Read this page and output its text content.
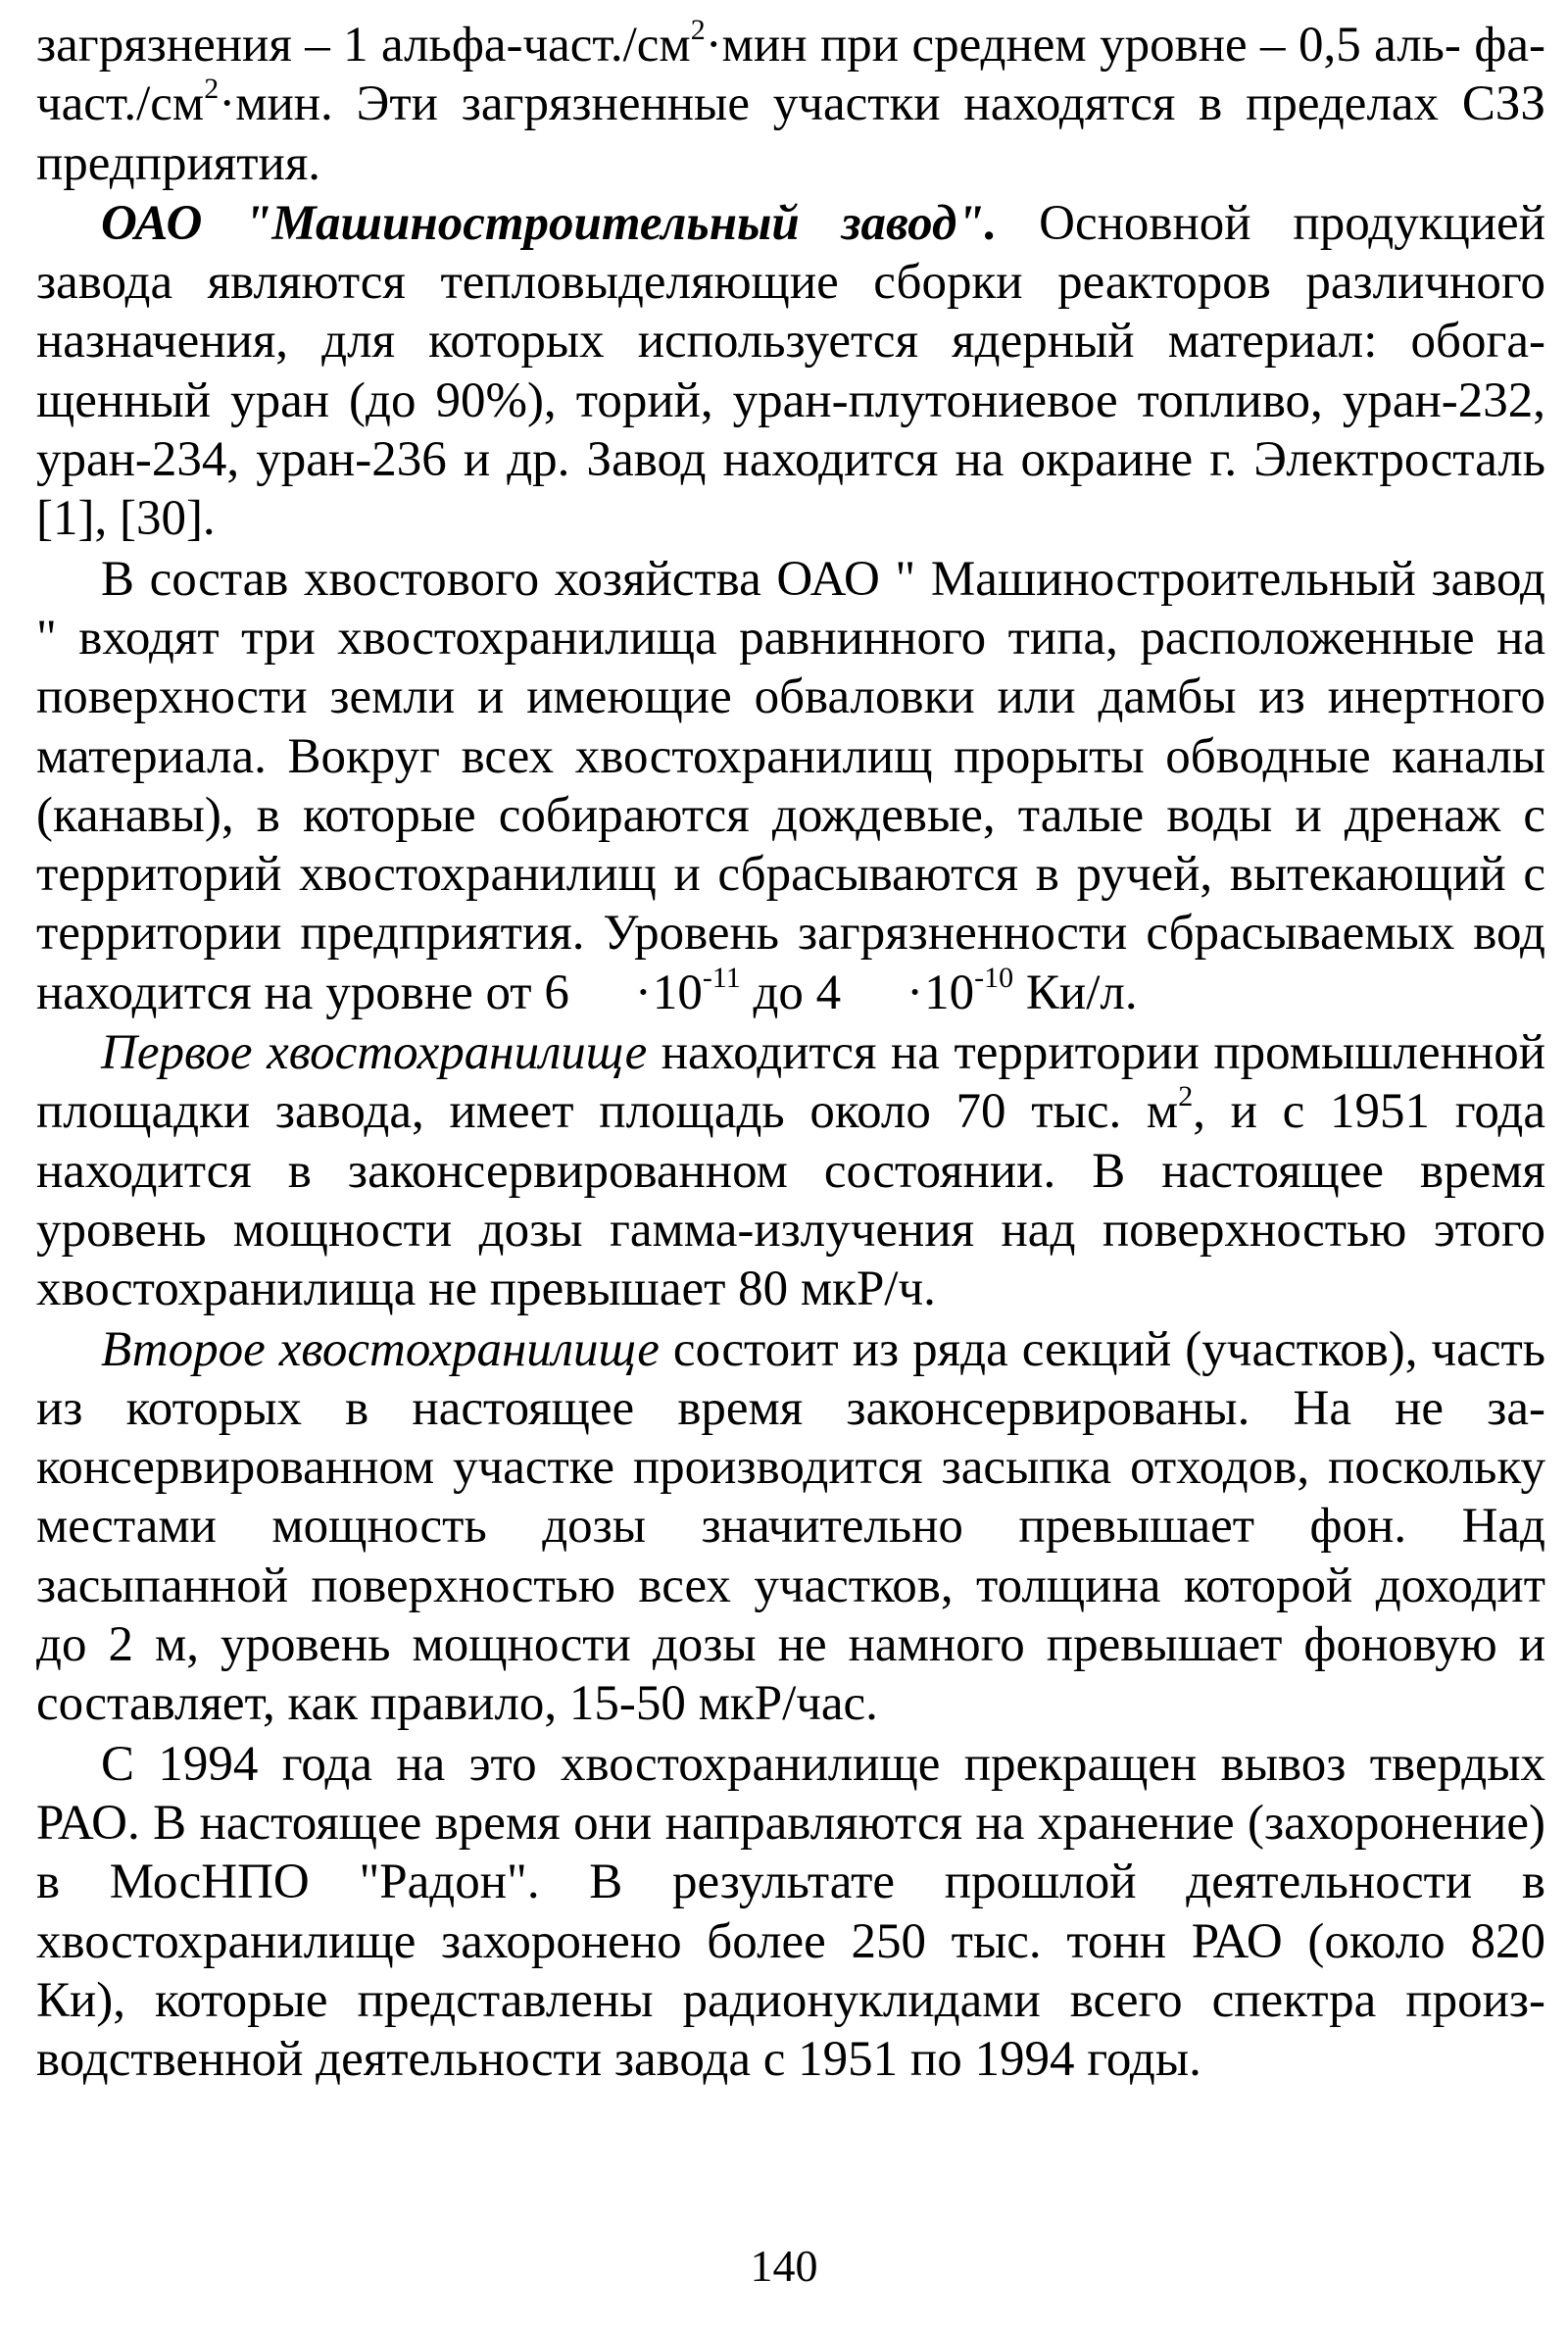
загрязнения – 1 альфа-$част./см^2\cdot мин$ при среднем уровне – 0,5 аль- $фа-част./см^2\cdot мин$. Эти загрязненные участки находятся в пределах СЗЗ предприятия.

ОАО "Машиностроительный завод". Основной продукцией завода являются тепловыделяющие сборки реакторов различного назначения, для которых используется ядерный материал: обогащенный уран (до 90%), торий, уран-плутониевое топливо, уран-232, уран-234, уран-236 и др. Завод находится на окраине г. Электросталь [1], [30].

В состав хвостового хозяйства ОАО " Машиностроительный завод " входят три хвостохранилища равнинного типа, расположенные на поверхности земли и имеющие обваловки или дамбы из инертного материала. Вокруг всех хвостохранилищ прорыты обводные каналы (канавы), в которые собираются дождевые, талые воды и дренаж с территорий хвостохранилищ и сбрасываются в ручей, вытекающий с территории предприятия. Уровень загрязненности сбрасываемых вод находится на уровне от $6 \cdot 10^{-11}$ до $4 \cdot 10^{-10}$ Ки/л.

Первое хвостохранилище находится на территории промышленной площадки завода, имеет площадь около 70 тыс. $м^2$, и с 1951 года находится в законсервированном состоянии. В настоящее время уровень мощности дозы гамма-излучения над поверхностью этого хвостохранилища не превышает 80 мкР/ч.

Второе хвостохранилище состоит из ряда секций (участков), часть из которых в настоящее время законсервированы. На не законсервированном участке производится засыпка отходов, поскольку местами мощность дозы значительно превышает фон. Над засыпанной поверхностью всех участков, толщина которой доходит до 2 м, уровень мощности дозы не намного превышает фоновую и составляет, как правило, 15-50 мкР/час.

С 1994 года на это хвостохранилище прекращен вывоз твердых РАО. В настоящее время они направляются на хранение (захоронение) в МосНПО "Радон". В результате прошлой деятельности в хвостохранилище захоронено более 250 тыс. тонн РАО (около 820 Ки), которые представлены радионуклидами всего спектра производственной деятельности завода с 1951 по 1994 годы.

140
